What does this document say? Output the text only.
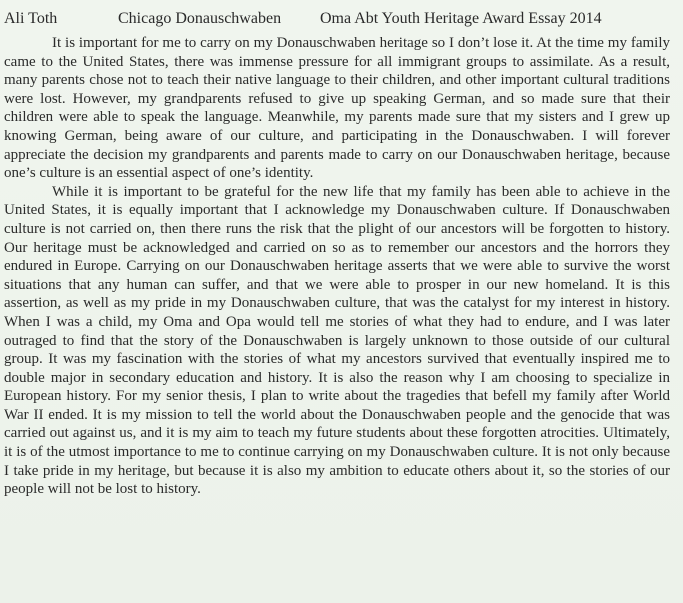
Ali Toth	Chicago Donauschwaben Oma Abt Youth Heritage Award Essay 2014

It is important for me to carry on my Donauschwaben heritage so I don’t lose it. At the time my family came to the United States, there was immense pressure for all immigrant groups to assimilate. As a result, many parents chose not to teach their native language to their children, and other important cultural traditions were lost. However, my grandparents refused to give up speaking German, and so made sure that their children were able to speak the language. Meanwhile, my parents made sure that my sisters and I grew up knowing German, being aware of our culture, and participating in the Donauschwaben. I will forever appreciate the decision my grandparents and parents made to carry on our Donauschwaben heritage, because one’s culture is an essential aspect of one’s identity.

While it is important to be grateful for the new life that my family has been able to achieve in the United States, it is equally important that I acknowledge my Donauschwaben culture. If Donauschwaben culture is not carried on, then there runs the risk that the plight of our ancestors will be forgotten to history. Our heritage must be acknowledged and carried on so as to remember our ancestors and the horrors they endured in Europe. Carrying on our Donauschwaben heritage asserts that we were able to survive the worst situations that any human can suffer, and that we were able to prosper in our new homeland. It is this assertion, as well as my pride in my Donauschwaben culture, that was the catalyst for my interest in history. When I was a child, my Oma and Opa would tell me stories of what they had to endure, and I was later outraged to find that the story of the Donauschwaben is largely unknown to those outside of our cultural group. It was my fascination with the stories of what my ancestors survived that eventually inspired me to double major in secondary education and history. It is also the reason why I am choosing to specialize in European history. For my senior thesis, I plan to write about the tragedies that befell my family after World War II ended. It is my mission to tell the world about the Donauschwaben people and the genocide that was carried out against us, and it is my aim to teach my future students about these forgotten atrocities. Ultimately, it is of the utmost importance to me to continue carrying on my Donauschwaben culture. It is not only because I take pride in my heritage, but because it is also my ambition to educate others about it, so the stories of our people will not be lost to history.
